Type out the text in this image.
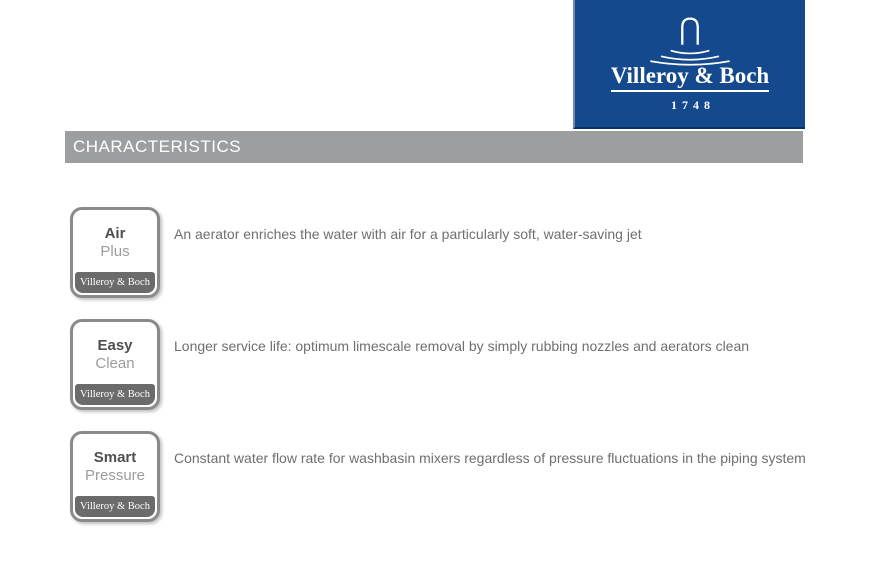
Villeroy & Boch
1748
CHARACTERISTICS
Air
Plus
Villeroy & Boch
An aerator enriches the water with air for a particularly soft, water-saving jet
Easy
Clean
Villeroy & Boch
Longer service life: optimum limescale removal by simply rubbing nozzles and aerators clean
Smart
Pressure
Villeroy & Boch
Constant water flow rate for washbasin mixers regardless of pressure fluctuations in the piping system
